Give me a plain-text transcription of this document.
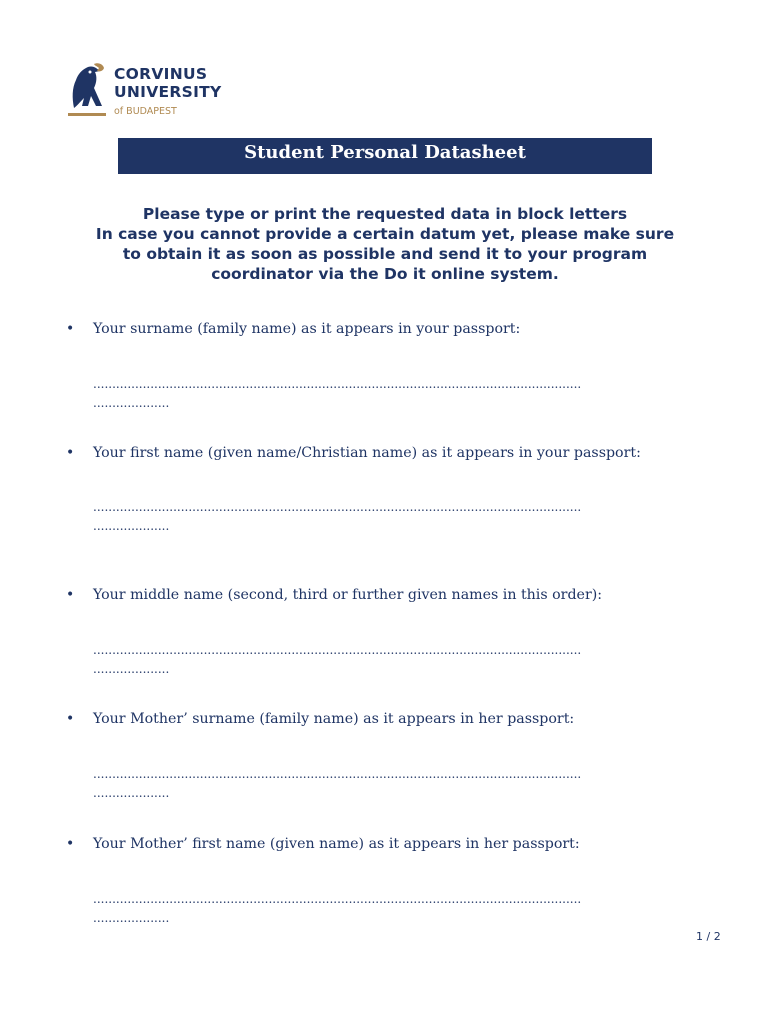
CORVINUS
UNIVERSITY
of BUDAPEST
Student Personal Datasheet
Please type or print the requested data in block letters
In case you cannot provide a certain datum yet, please make sure
to obtain it as soon as possible and send it to your program
coordinator via the Do it online system.
• Your surname (family name) as it appears in your passport:
................................................................................................................................
....................
• Your first name (given name/Christian name) as it appears in your passport:
................................................................................................................................
....................
• Your middle name (second, third or further given names in this order):
................................................................................................................................
....................
• Your Mother’ surname (family name) as it appears in her passport:
................................................................................................................................
....................
• Your Mother’ first name (given name) as it appears in her passport:
................................................................................................................................
....................
1 / 2
